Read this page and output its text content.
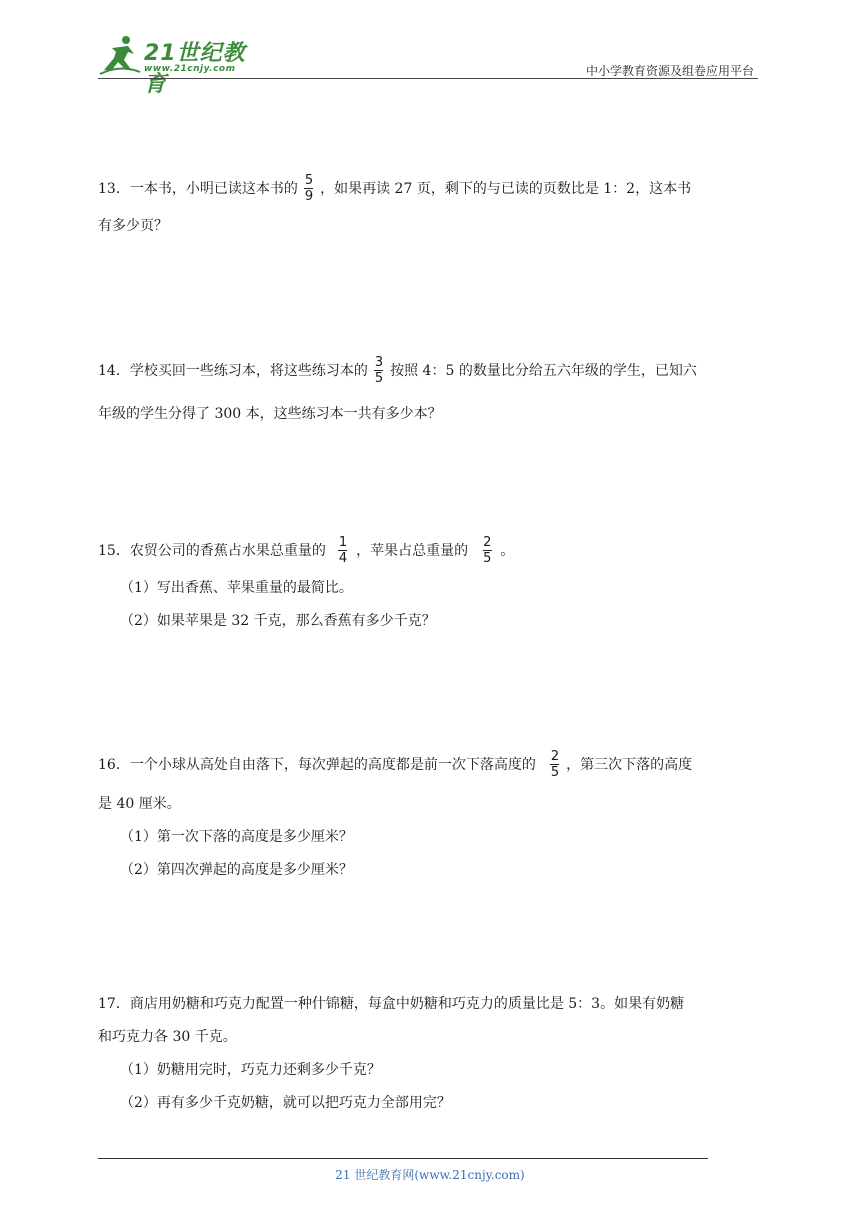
21世纪教育
www.21cnjy.com	中小学教育资源及组卷应用平台
13．一本书，小明已读这本书的 $\frac{5}{9}$ ，如果再读 27 页，剩下的与已读的页数比是 1：2，这本书
有多少页？
14．学校买回一些练习本，将这些练习本的 $\frac{3}{5}$ 按照 4：5 的数量比分给五六年级的学生，已知六
年级的学生分得了 300 本，这些练习本一共有多少本？
15．农贸公司的香蕉占水果总重量的 $\frac{1}{4}$ ，苹果占总重量的 $\frac{2}{5}$ 。
（1）写出香蕉、苹果重量的最简比。
（2）如果苹果是 32 千克，那么香蕉有多少千克？
16．一个小球从高处自由落下，每次弹起的高度都是前一次下落高度的 $\frac{2}{5}$ ，第三次下落的高度
是 40 厘米。
（1）第一次下落的高度是多少厘米？
（2）第四次弹起的高度是多少厘米？
17．商店用奶糖和巧克力配置一种什锦糖，每盒中奶糖和巧克力的质量比是 5：3。如果有奶糖
和巧克力各 30 千克。
（1）奶糖用完时，巧克力还剩多少千克？
（2）再有多少千克奶糖，就可以把巧克力全部用完？
21 世纪教育网(www.21cnjy.com)
